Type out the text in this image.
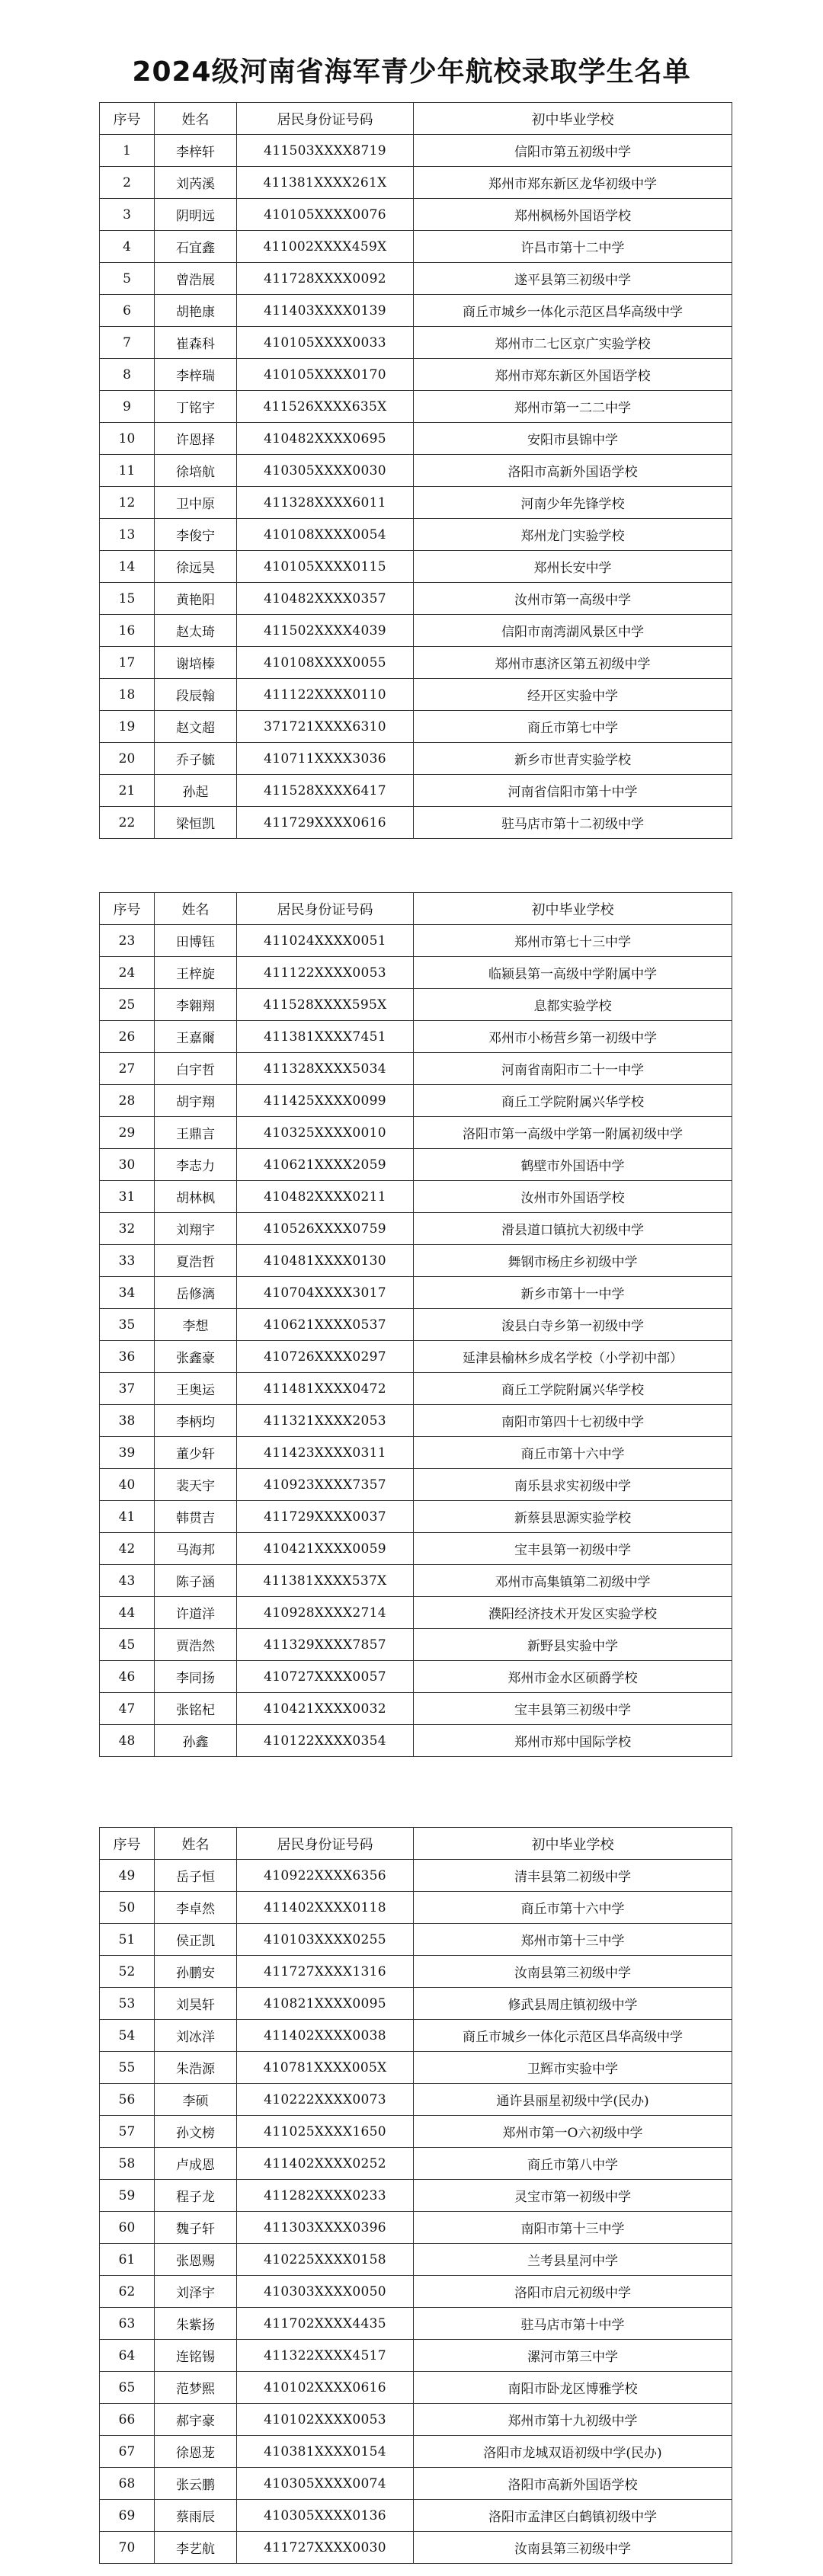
2024级河南省海军青少年航校录取学生名单
序号	姓名	居民身份证号码	初中毕业学校
1	李梓轩	411503XXXX8719	信阳市第五初级中学
2	刘芮溪	411381XXXX261X	郑州市郑东新区龙华初级中学
3	阴明远	410105XXXX0076	郑州枫杨外国语学校
4	石宜鑫	411002XXXX459X	许昌市第十二中学
5	曾浩展	411728XXXX0092	遂平县第三初级中学
6	胡艳康	411403XXXX0139	商丘市城乡一体化示范区昌华高级中学
7	崔森科	410105XXXX0033	郑州市二七区京广实验学校
8	李梓瑞	410105XXXX0170	郑州市郑东新区外国语学校
9	丁铭宇	411526XXXX635X	郑州市第一二二中学
10	许恩择	410482XXXX0695	安阳市县锦中学
11	徐培航	410305XXXX0030	洛阳市高新外国语学校
12	卫中原	411328XXXX6011	河南少年先锋学校
13	李俊宁	410108XXXX0054	郑州龙门实验学校
14	徐远昊	410105XXXX0115	郑州长安中学
15	黄艳阳	410482XXXX0357	汝州市第一高级中学
16	赵太琦	411502XXXX4039	信阳市南湾湖风景区中学
17	谢培榛	410108XXXX0055	郑州市惠济区第五初级中学
18	段辰翰	411122XXXX0110	经开区实验中学
19	赵文超	371721XXXX6310	商丘市第七中学
20	乔子毓	410711XXXX3036	新乡市世青实验学校
21	孙起	411528XXXX6417	河南省信阳市第十中学
22	梁恒凯	411729XXXX0616	驻马店市第十二初级中学
序号	姓名	居民身份证号码	初中毕业学校
23	田博钰	411024XXXX0051	郑州市第七十三中学
24	王梓旋	411122XXXX0053	临颍县第一高级中学附属中学
25	李翱翔	411528XXXX595X	息都实验学校
26	王嘉爾	411381XXXX7451	邓州市小杨营乡第一初级中学
27	白宇哲	411328XXXX5034	河南省南阳市二十一中学
28	胡宇翔	411425XXXX0099	商丘工学院附属兴华学校
29	王鼎言	410325XXXX0010	洛阳市第一高级中学第一附属初级中学
30	李志力	410621XXXX2059	鹤壁市外国语中学
31	胡林枫	410482XXXX0211	汝州市外国语学校
32	刘翔宇	410526XXXX0759	滑县道口镇抗大初级中学
33	夏浩哲	410481XXXX0130	舞钢市杨庄乡初级中学
34	岳修漓	410704XXXX3017	新乡市第十一中学
35	李想	410621XXXX0537	浚县白寺乡第一初级中学
36	张鑫豪	410726XXXX0297	延津县榆林乡成名学校（小学初中部）
37	王奥运	411481XXXX0472	商丘工学院附属兴华学校
38	李柄均	411321XXXX2053	南阳市第四十七初级中学
39	董少轩	411423XXXX0311	商丘市第十六中学
40	裴天宇	410923XXXX7357	南乐县求实初级中学
41	韩贯吉	411729XXXX0037	新蔡县思源实验学校
42	马海邦	410421XXXX0059	宝丰县第一初级中学
43	陈子涵	411381XXXX537X	邓州市高集镇第二初级中学
44	许道洋	410928XXXX2714	濮阳经济技术开发区实验学校
45	贾浩然	411329XXXX7857	新野县实验中学
46	李同扬	410727XXXX0057	郑州市金水区硕爵学校
47	张铭杞	410421XXXX0032	宝丰县第三初级中学
48	孙鑫	410122XXXX0354	郑州市郑中国际学校
序号	姓名	居民身份证号码	初中毕业学校
49	岳子恒	410922XXXX6356	清丰县第二初级中学
50	李卓然	411402XXXX0118	商丘市第十六中学
51	侯正凯	410103XXXX0255	郑州市第十三中学
52	孙鹏安	411727XXXX1316	汝南县第三初级中学
53	刘昊轩	410821XXXX0095	修武县周庄镇初级中学
54	刘冰洋	411402XXXX0038	商丘市城乡一体化示范区昌华高级中学
55	朱浩源	410781XXXX005X	卫辉市实验中学
56	李硕	410222XXXX0073	通许县丽星初级中学(民办)
57	孙文榜	411025XXXX1650	郑州市第一O六初级中学
58	卢成恩	411402XXXX0252	商丘市第八中学
59	程子龙	411282XXXX0233	灵宝市第一初级中学
60	魏子轩	411303XXXX0396	南阳市第十三中学
61	张恩赐	410225XXXX0158	兰考县星河中学
62	刘泽宇	410303XXXX0050	洛阳市启元初级中学
63	朱紫扬	411702XXXX4435	驻马店市第十中学
64	连铭锡	411322XXXX4517	漯河市第三中学
65	范梦熙	410102XXXX0616	南阳市卧龙区博雅学校
66	郝宇豪	410102XXXX0053	郑州市第十九初级中学
67	徐恩茏	410381XXXX0154	洛阳市龙城双语初级中学(民办)
68	张云鹏	410305XXXX0074	洛阳市高新外国语学校
69	蔡雨辰	410305XXXX0136	洛阳市孟津区白鹤镇初级中学
70	李艺航	411727XXXX0030	汝南县第三初级中学
